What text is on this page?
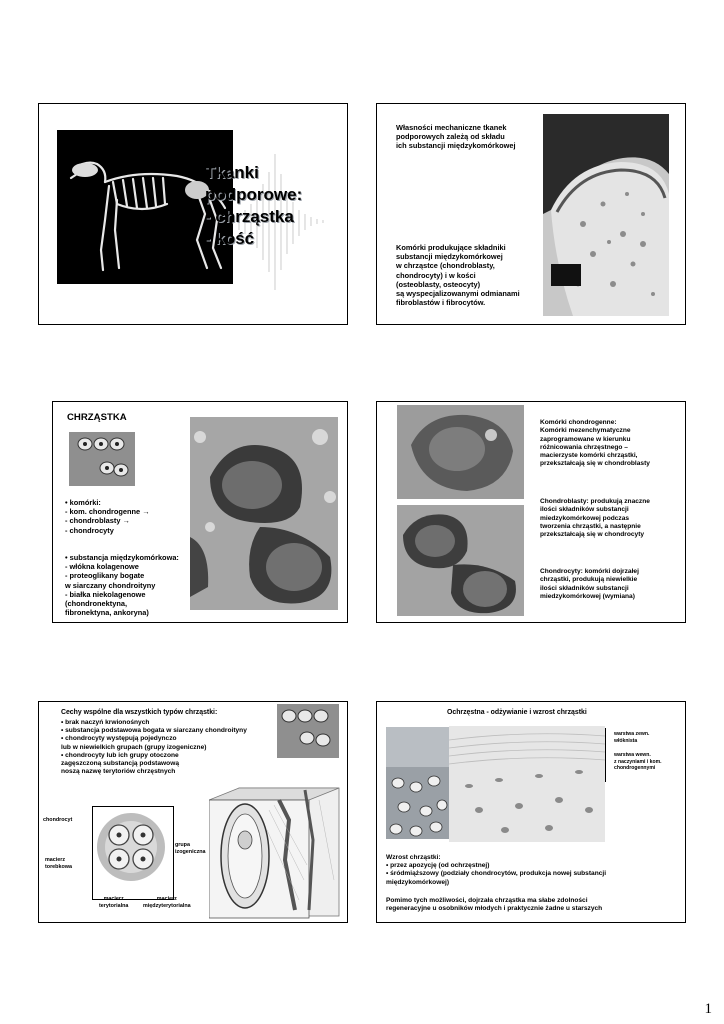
Tkanki
podporowe:
- chrząstka
- kość
Własności mechaniczne tkanek
podporowych zależą od składu
ich substancji międzykomórkowej
Komórki produkujące składniki
substancji międzykomórkowej
w chrząstce (chondroblasty,
chondrocyty) i w kości
(osteoblasty, osteocyty)
są wyspecjalizowanymi odmianami
fibroblastów i fibrocytów.
CHRZĄSTKA
• komórki:
- kom. chondrogenne →
- chondroblasty →
- chondrocyty
• substancja międzykomórkowa:
- włókna kolagenowe
- proteoglikany bogate
w siarczany chondroityny
- białka niekolagenowe
(chondronektyna,
fibronektyna, ankoryna)
Komórki chondrogenne:
Komórki mezenchymatyczne
zaprogramowane w kierunku
różnicowania chrzęstnego –
macierzyste komórki chrząstki,
przekształcają się w chondroblasty
Chondroblasty: produkują znaczne
ilości składników substancji
miedzykomórkowej podczas
tworzenia chrząstki, a następnie
przekształcają się w chondrocyty
Chondrocyty: komórki dojrzałej
chrząstki, produkują niewielkie
ilości składników substancji
miedzykomórkowej (wymiana)
Cechy wspólne dla wszystkich typów chrząstki:
• brak naczyń krwionośnych
• substancja podstawowa bogata w siarczany chondroityny
• chondrocyty występują pojedynczo
lub w niewielkich grupach (grupy izogeniczne)
• chondrocyty lub ich grupy otoczone
zagęszczoną substancją podstawową
noszą nazwę terytoriów chrzęstnych
chondrocyt
grupa
izogeniczna
macierz
torebkowa
macierz
terytorialna
macierz
międzyterytorialna
Ochrzęstna - odżywianie i wzrost chrząstki
warstwa zewn.
włóknista
warstwa wewn.
z naczyniami i kom.
chondrogennymi
Wzrost chrząstki:
• przez apozycję (od ochrzęstnej)
• śródmiąższowy (podziały chondrocytów, produkcja nowej substancji
międzykomórkowej)
Pomimo tych możliwości, dojrzała chrząstka ma słabe zdolności
regeneracyjne u osobników młodych i praktycznie żadne u starszych
1
